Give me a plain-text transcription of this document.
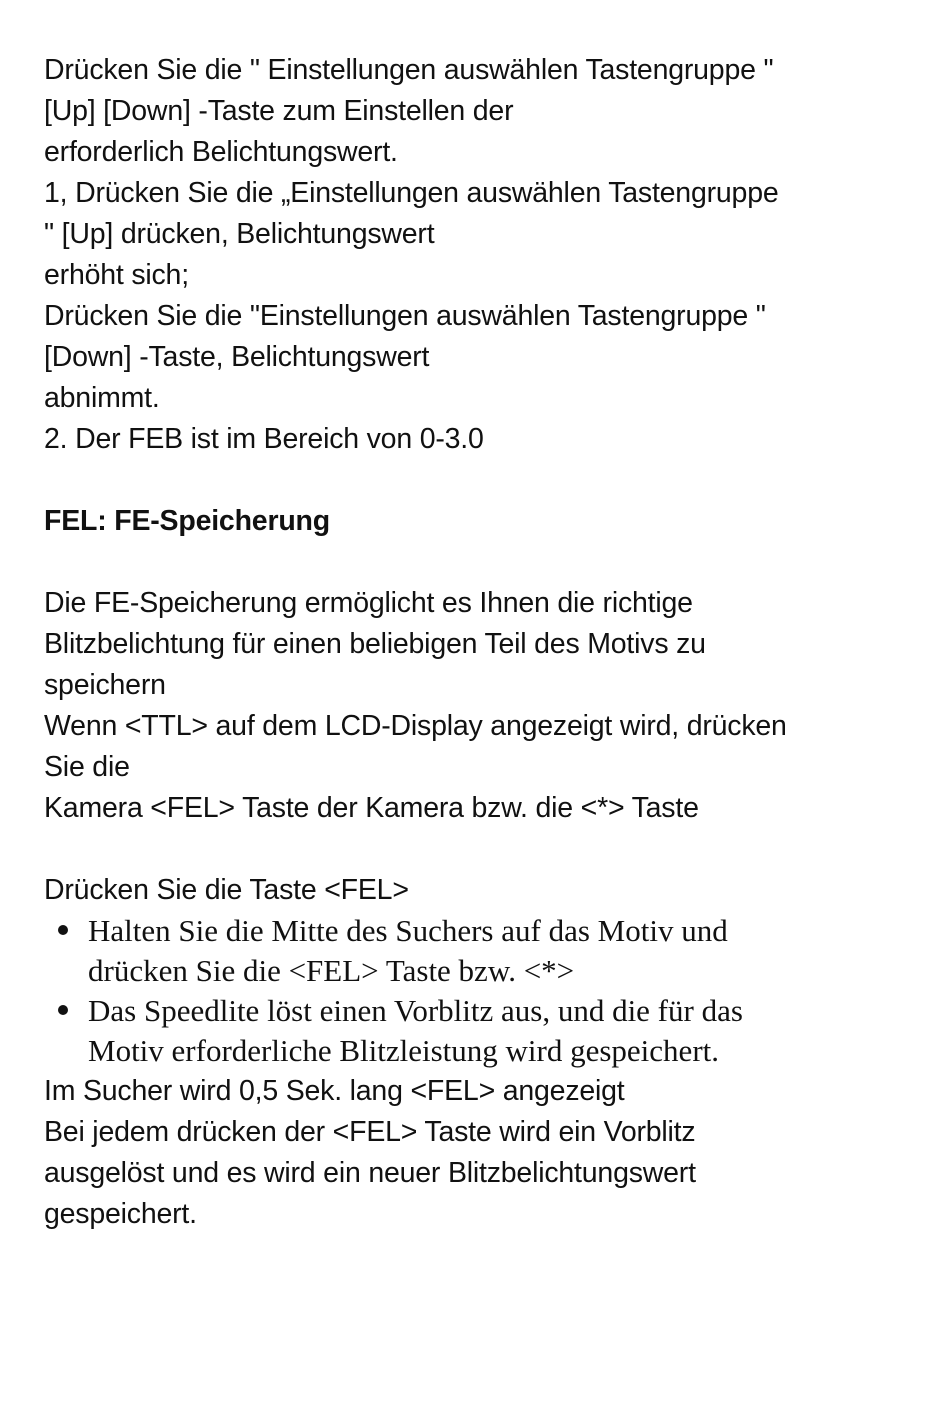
Drücken Sie die " Einstellungen auswählen Tastengruppe "
[Up] [Down] -Taste zum Einstellen der
erforderlich Belichtungswert.
1, Drücken Sie die „Einstellungen auswählen Tastengruppe
" [Up] drücken, Belichtungswert
erhöht sich;
Drücken Sie die "Einstellungen auswählen Tastengruppe "
[Down] -Taste, Belichtungswert
abnimmt.
2. Der FEB ist im Bereich von 0-3.0
FEL: FE-Speicherung
Die FE-Speicherung ermöglicht es Ihnen die richtige
Blitzbelichtung für einen beliebigen Teil des Motivs zu
speichern
Wenn <TTL> auf dem LCD-Display angezeigt wird, drücken
Sie die
Kamera <FEL> Taste der Kamera bzw. die <*> Taste
Drücken Sie die Taste <FEL>
Halten Sie die Mitte des Suchers auf das Motiv und
drücken Sie die <FEL> Taste bzw. <*>
Das Speedlite löst einen Vorblitz aus, und die für das
Motiv erforderliche Blitzleistung wird gespeichert.
Im Sucher wird 0,5 Sek. lang <FEL> angezeigt
Bei jedem drücken der <FEL> Taste wird ein Vorblitz
ausgelöst und es wird ein neuer Blitzbelichtungswert
gespeichert.
